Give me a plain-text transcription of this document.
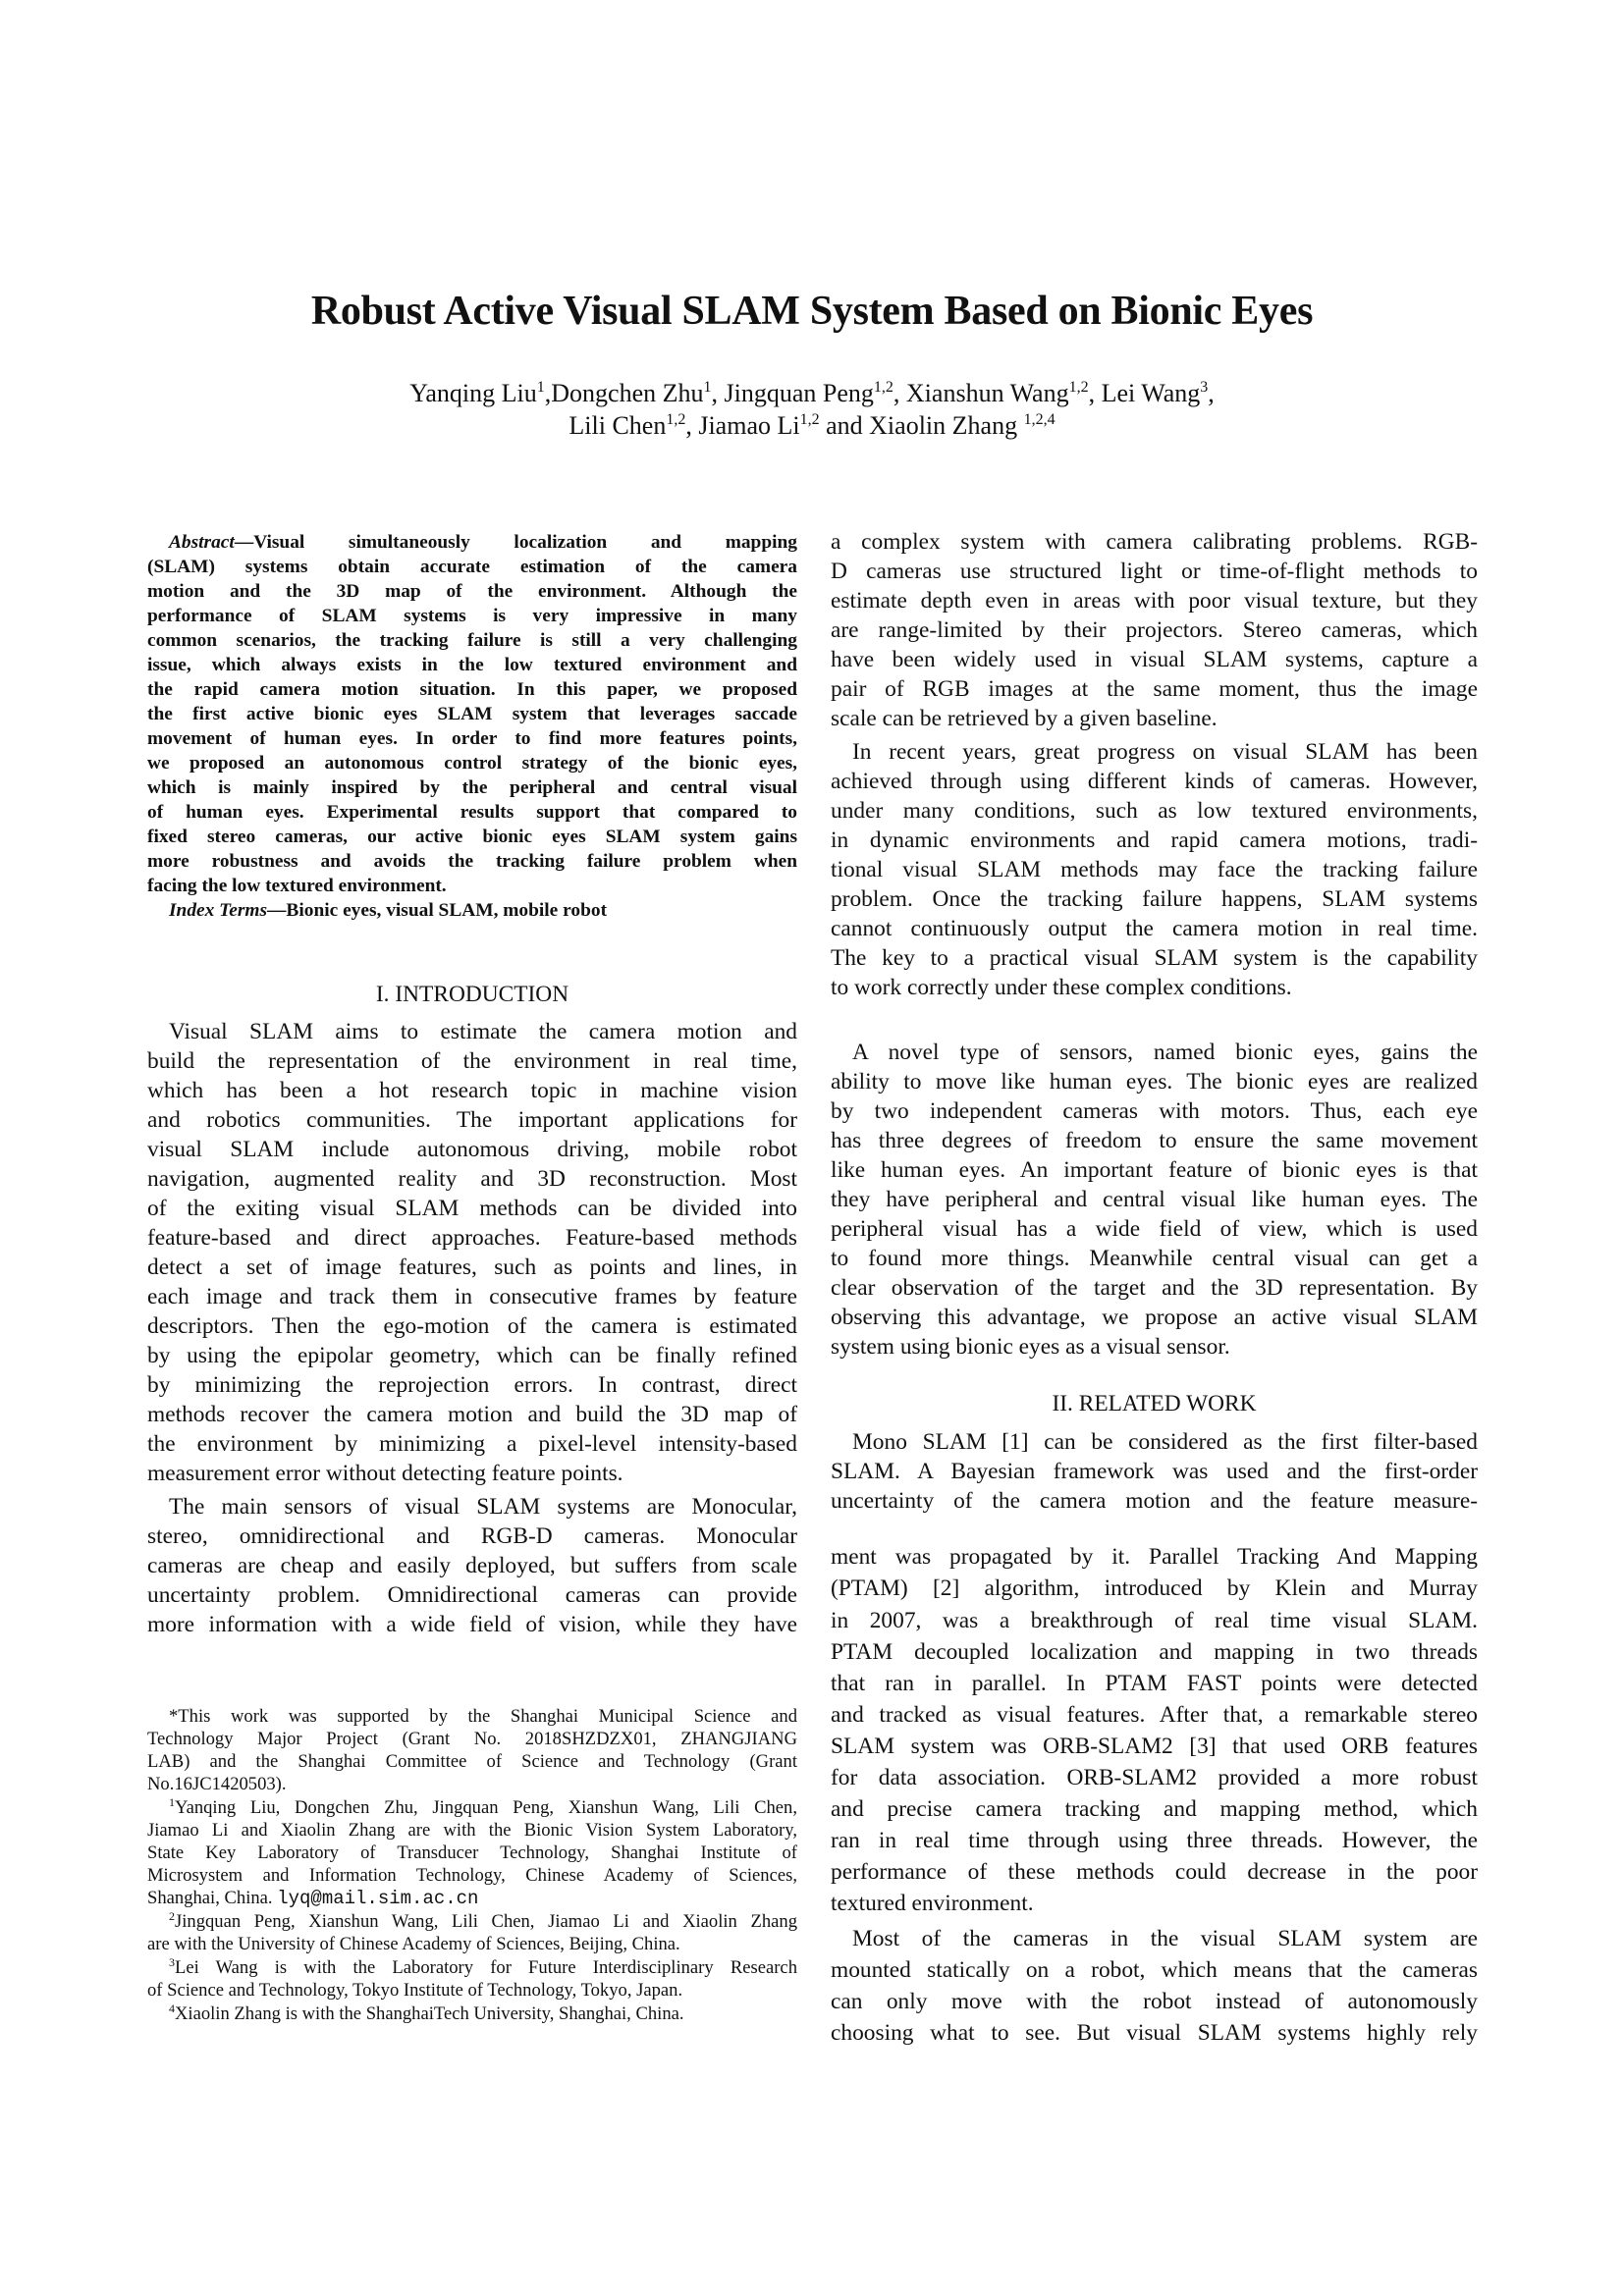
Robust Active Visual SLAM System Based on Bionic Eyes
Yanqing Liu$^1$,Dongchen Zhu$^1$, Jingquan Peng$^{1,2}$, Xianshun Wang$^{1,2}$, Lei Wang$^3$,
Lili Chen$^{1,2}$, Jiamao Li$^{1,2}$ and Xiaolin Zhang $^{1,2,4}$
Abstract—Visual simultaneously localization and mapping
(SLAM) systems obtain accurate estimation of the camera
motion and the 3D map of the environment. Although the
performance of SLAM systems is very impressive in many
common scenarios, the tracking failure is still a very challenging
issue, which always exists in the low textured environment and
the rapid camera motion situation. In this paper, we proposed
the first active bionic eyes SLAM system that leverages saccade
movement of human eyes. In order to find more features points,
we proposed an autonomous control strategy of the bionic eyes,
which is mainly inspired by the peripheral and central visual
of human eyes. Experimental results support that compared to
fixed stereo cameras, our active bionic eyes SLAM system gains
more robustness and avoids the tracking failure problem when
facing the low textured environment.
Index Terms—Bionic eyes, visual SLAM, mobile robot
I. INTRODUCTION
Visual SLAM aims to estimate the camera motion and
build the representation of the environment in real time,
which has been a hot research topic in machine vision
and robotics communities. The important applications for
visual SLAM include autonomous driving, mobile robot
navigation, augmented reality and 3D reconstruction. Most
of the exiting visual SLAM methods can be divided into
feature-based and direct approaches. Feature-based methods
detect a set of image features, such as points and lines, in
each image and track them in consecutive frames by feature
descriptors. Then the ego-motion of the camera is estimated
by using the epipolar geometry, which can be finally refined
by minimizing the reprojection errors. In contrast, direct
methods recover the camera motion and build the 3D map of
the environment by minimizing a pixel-level intensity-based
measurement error without detecting feature points.
The main sensors of visual SLAM systems are Monocular,
stereo, omnidirectional and RGB-D cameras. Monocular
cameras are cheap and easily deployed, but suffers from scale
uncertainty problem. Omnidirectional cameras can provide
more information with a wide field of vision, while they have
*This work was supported by the Shanghai Municipal Science and
Technology Major Project (Grant No. 2018SHZDZX01, ZHANGJIANG
LAB) and the Shanghai Committee of Science and Technology (Grant
No.16JC1420503).
$^1$Yanqing Liu, Dongchen Zhu, Jingquan Peng, Xianshun Wang, Lili Chen,
Jiamao Li and Xiaolin Zhang are with the Bionic Vision System Laboratory,
State Key Laboratory of Transducer Technology, Shanghai Institute of
Microsystem and Information Technology, Chinese Academy of Sciences,
Shanghai, China. lyq@mail.sim.ac.cn
$^2$Jingquan Peng, Xianshun Wang, Lili Chen, Jiamao Li and Xiaolin Zhang
are with the University of Chinese Academy of Sciences, Beijing, China.
$^3$Lei Wang is with the Laboratory for Future Interdisciplinary Research
of Science and Technology, Tokyo Institute of Technology, Tokyo, Japan.
$^4$Xiaolin Zhang is with the ShanghaiTech University, Shanghai, China.
a complex system with camera calibrating problems. RGB-
D cameras use structured light or time-of-flight methods to
estimate depth even in areas with poor visual texture, but they
are range-limited by their projectors. Stereo cameras, which
have been widely used in visual SLAM systems, capture a
pair of RGB images at the same moment, thus the image
scale can be retrieved by a given baseline.
In recent years, great progress on visual SLAM has been
achieved through using different kinds of cameras. However,
under many conditions, such as low textured environments,
in dynamic environments and rapid camera motions, tradi-
tional visual SLAM methods may face the tracking failure
problem. Once the tracking failure happens, SLAM systems
cannot continuously output the camera motion in real time.
The key to a practical visual SLAM system is the capability
to work correctly under these complex conditions.
A novel type of sensors, named bionic eyes, gains the
ability to move like human eyes. The bionic eyes are realized
by two independent cameras with motors. Thus, each eye
has three degrees of freedom to ensure the same movement
like human eyes. An important feature of bionic eyes is that
they have peripheral and central visual like human eyes. The
peripheral visual has a wide field of view, which is used
to found more things. Meanwhile central visual can get a
clear observation of the target and the 3D representation. By
observing this advantage, we propose an active visual SLAM
system using bionic eyes as a visual sensor.
II. RELATED WORK
Mono SLAM [1] can be considered as the first filter-based
SLAM. A Bayesian framework was used and the first-order
uncertainty of the camera motion and the feature measure-
ment was propagated by it. Parallel Tracking And Mapping
(PTAM) [2] algorithm, introduced by Klein and Murray
in 2007, was a breakthrough of real time visual SLAM.
PTAM decoupled localization and mapping in two threads
that ran in parallel. In PTAM FAST points were detected
and tracked as visual features. After that, a remarkable stereo
SLAM system was ORB-SLAM2 [3] that used ORB features
for data association. ORB-SLAM2 provided a more robust
and precise camera tracking and mapping method, which
ran in real time through using three threads. However, the
performance of these methods could decrease in the poor
textured environment.
Most of the cameras in the visual SLAM system are
mounted statically on a robot, which means that the cameras
can only move with the robot instead of autonomously
choosing what to see. But visual SLAM systems highly rely
